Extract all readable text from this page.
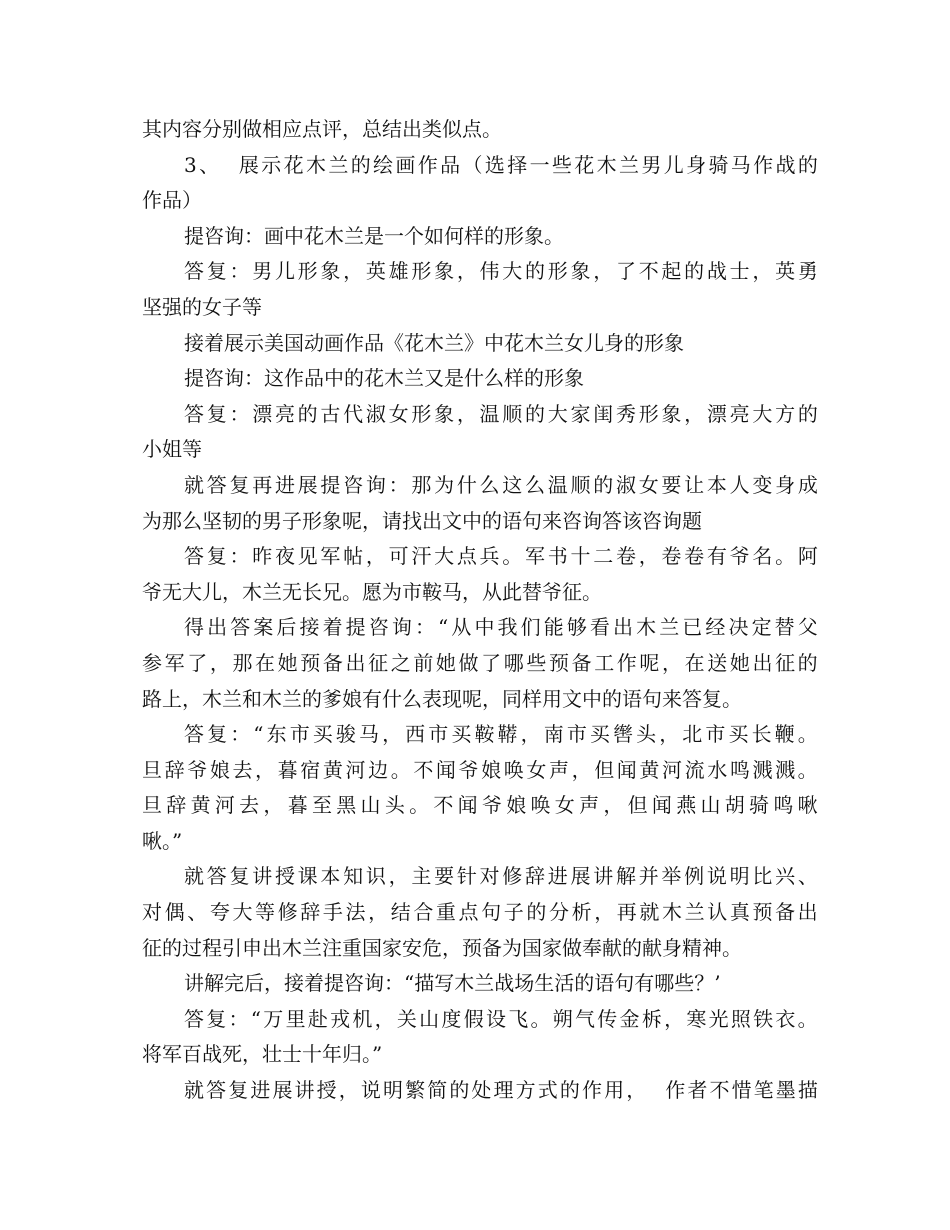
其内容分别做相应点评，总结出类似点。
3 、

展 示 花 木 兰 的 绘 画 作 品 （ 选 择 一 些 花 木 兰 男 儿 身 骑 马 作 战 的
作品）
提咨询：画中花木兰是一个如何样的形象。
答 复 ： 男 儿 形 象 ， 英 雄 形 象 ， 伟 大 的 形 象 ， 了 不 起 的 战 士 ， 英 勇
坚强的女子等
接着展示美国动画作品《花木兰》中花木兰女儿身的形象
提咨询：这作品中的花木兰又是什么样的形象
答 复 ： 漂 亮 的 古 代 淑 女 形 象 ， 温 顺 的 大 家 闺 秀 形 象 ， 漂 亮 大 方 的
小姐等
就 答 复 再 进 展 提 咨 询 ： 那 为 什 么 这 么 温 顺 的 淑 女 要 让 本 人 变 身 成
为那么坚韧的男子形象呢，请找出文中的语句来咨询答该咨询题
答 复 ： 昨 夜 见 军 帖 ， 可 汗 大 点 兵 。 军 书 十 二 卷 ， 卷 卷 有 爷 名 。 阿
爷无大儿，木兰无长兄。愿为市鞍马，从此替爷征。
得 出 答 案 后 接 着 提 咨 询 ： “ 从 中 我 们 能 够 看 出 木 兰 已 经 决 定 替 父
参 军 了 ， 那 在 她 预 备 出 征 之 前 她 做 了 哪 些 预 备 工 作 呢 ， 在 送 她 出 征 的
路上，木兰和木兰的爹娘有什么表现呢，同样用文中的语句来答复。
答 复 ： “ 东 市 买 骏 马 ， 西 市 买 鞍 鞯 ， 南 市 买 辔 头 ， 北 市 买 长 鞭 。
旦 辞 爷 娘 去 ， 暮 宿 黄 河 边 。 不 闻 爷 娘 唤 女 声 ， 但 闻 黄 河 流 水 鸣 溅 溅 。
旦 辞 黄 河 去 ， 暮 至 黑 山 头 。 不 闻 爷 娘 唤 女 声 ， 但 闻 燕 山 胡 骑 鸣 啾
啾。”
就 答 复 讲 授 课 本 知 识 ， 主 要 针 对 修 辞 进 展 讲 解 并 举 例 说 明 比 兴 、
对 偶 、 夸 大 等 修 辞 手 法 ， 结 合 重 点 句 子 的 分 析 ， 再 就 木 兰 认 真 预 备 出
征的过程引申出木兰注重国家安危，预备为国家做奉献的献身精神。
讲解完后，接着提咨询：“描写木兰战场生活的语句有哪些？’
答 复 ： “ 万 里 赴 戎 机 ， 关 山 度 假 设 飞 。 朔 气 传 金 柝 ， 寒 光 照 铁 衣 。
将军百战死，壮士十年归。”
就 答 复 进 展 讲 授 ， 说 明 繁 简 的 处 理 方 式 的 作 用 ，

作 者 不 惜 笔 墨 描
